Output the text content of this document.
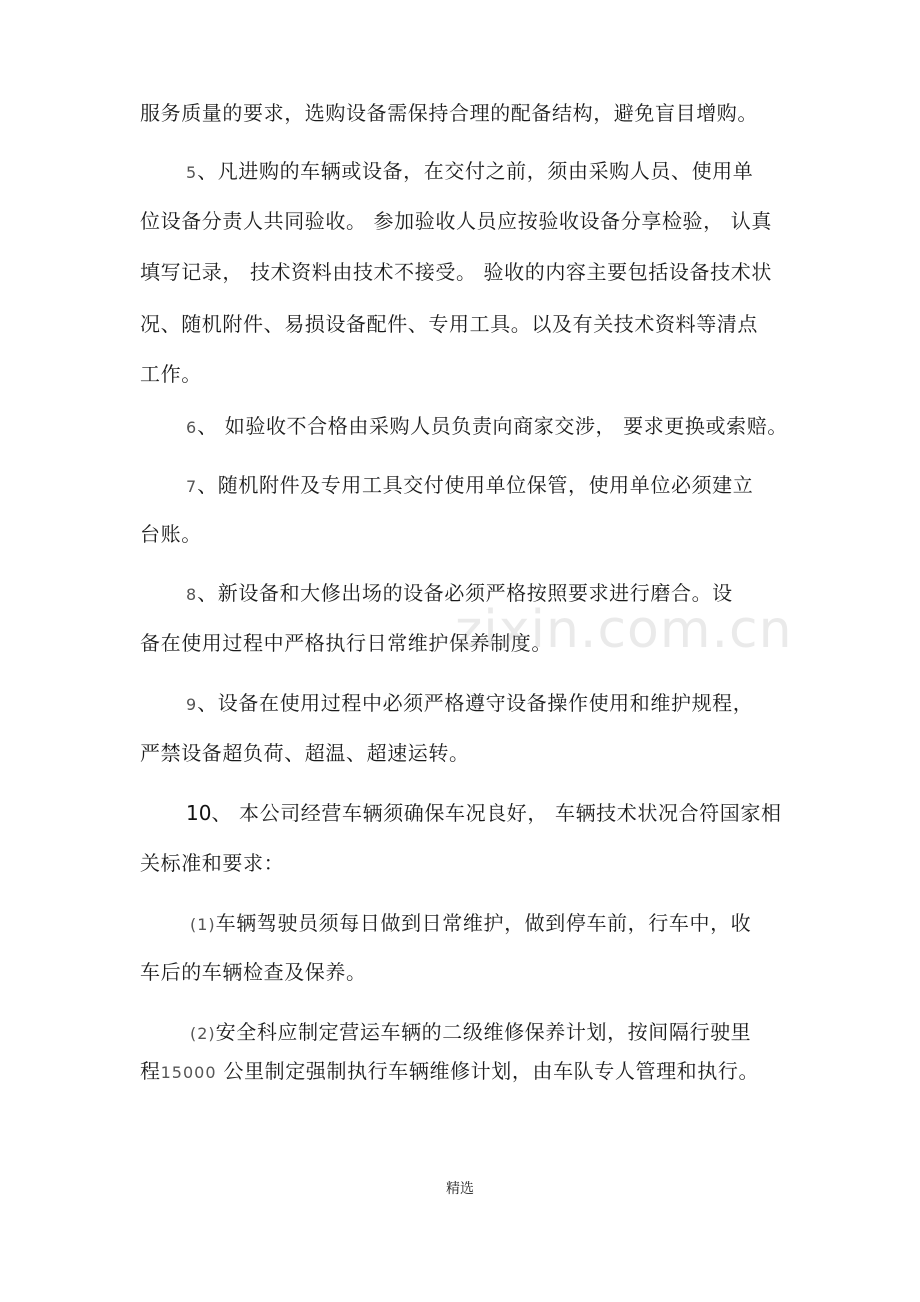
服务质量的要求，选购设备需保持合理的配备结构，避免盲目增购。
5、凡进购的车辆或设备，在交付之前，须由采购人员、使用单
位设备分责人共同验收。 参加验收人员应按验收设备分享检验， 认真
填写记录， 技术资料由技术不接受。 验收的内容主要包括设备技术状
况、随机附件、易损设备配件、专用工具。以及有关技术资料等清点
工作。
6、 如验收不合格由采购人员负责向商家交涉， 要求更换或索赔。
7、随机附件及专用工具交付使用单位保管，使用单位必须建立
台账。
8、新设备和大修出场的设备必须严格按照要求进行磨合。设
备在使用过程中严格执行日常维护保养制度。
9、设备在使用过程中必须严格遵守设备操作使用和维护规程，
严禁设备超负荷、超温、超速运转。
10、 本公司经营车辆须确保车况良好， 车辆技术状况合符国家相
关标准和要求：
(1)车辆驾驶员须每日做到日常维护，做到停车前，行车中，收
车后的车辆检查及保养。
(2)安全科应制定营运车辆的二级维修保养计划，按间隔行驶里
程15000 公里制定强制执行车辆维修计划，由车队专人管理和执行。
zixin.com.cn
精选
